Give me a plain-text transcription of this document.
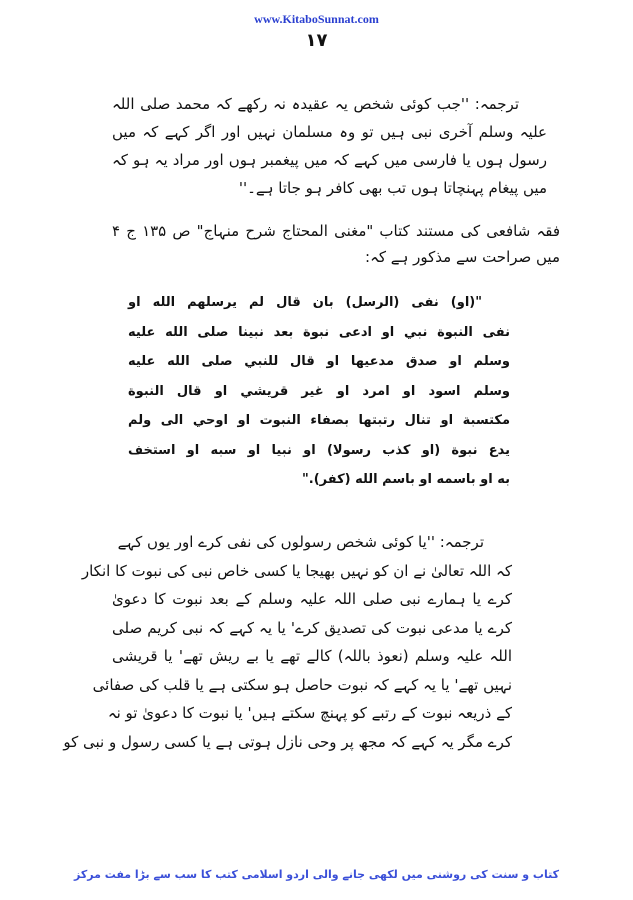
www.KitaboSunnat.com
۱۷
ترجمہ: ''جب کوئی شخص یہ عقیدہ نہ رکھے کہ محمد صلی اللہ
علیہ وسلم آخری نبی ہیں تو وہ مسلمان نہیں اور اگر کہے کہ میں
رسول ہوں یا فارسی میں کہے کہ میں پیغمبر ہوں اور مراد یہ ہو کہ
میں پیغام پہنچاتا ہوں تب بھی کافر ہو جاتا ہے۔''
فقہ شافعی کی مستند کتاب "مغنی المحتاج شرح منہاج" ص ۱۳۵ ج ۴
میں صراحت سے مذکور ہے کہ:
"(او) نفى (الرسل) بان قال لم يرسلهم الله او
نفى النبوة نبي او ادعى نبوة بعد نبينا صلى الله عليه
وسلم او صدق مدعيها او قال للنبي صلى الله عليه
وسلم اسود او امرد او غير قريشي او قال النبوة
مكتسبة او تنال رتبتها بصفاء النبوت او اوحي الى ولم
يدع نبوة (او كذب رسولا) او نبيا او سبه او استخف
به او باسمه او باسم الله (كفر)."
ترجمہ: ''یا کوئی شخص رسولوں کی نفی کرے اور یوں کہے
کہ اللہ تعالیٰ نے ان کو نہیں بھیجا یا کسی خاص نبی کی نبوت کا انکار
کرے یا ہمارے نبی صلی اللہ علیہ وسلم کے بعد نبوت کا دعویٰ
کرے یا مدعی نبوت کی تصدیق کرے' یا یہ کہے کہ نبی کریم صلی
اللہ علیہ وسلم (نعوذ باللہ) کالے تھے یا بے ریش تھے' یا قریشی
نہیں تھے' یا یہ کہے کہ نبوت حاصل ہو سکتی ہے یا قلب کی صفائی
کے ذریعہ نبوت کے رتبے کو پہنچ سکتے ہیں' یا نبوت کا دعویٰ تو نہ
کرے مگر یہ کہے کہ مجھ پر وحی نازل ہوتی ہے یا کسی رسول و نبی کو
کتاب و سنت کی روشنی میں لکھی جانے والی اردو اسلامی کتب کا سب سے بڑا مفت مرکز
